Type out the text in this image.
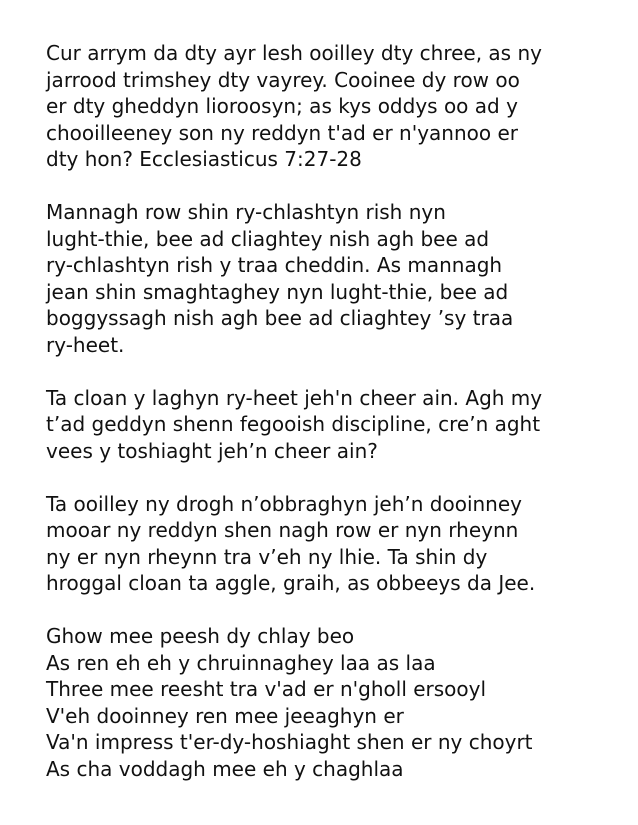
Cur arrym da dty ayr lesh ooilley dty chree, as ny
jarrood trimshey dty vayrey. Cooinee dy row oo
er dty gheddyn lioroosyn; as kys oddys oo ad y
chooilleeney son ny reddyn t'ad er n'yannoo er
dty hon? Ecclesiasticus 7:27-28

Mannagh row shin ry-chlashtyn rish nyn
lught-thie, bee ad cliaghtey nish agh bee ad
ry-chlashtyn rish y traa cheddin. As mannagh
jean shin smaghtaghey nyn lught-thie, bee ad
boggyssagh nish agh bee ad cliaghtey ’sy traa
ry-heet.

Ta cloan y laghyn ry-heet jeh'n cheer ain. Agh my
t’ad geddyn shenn fegooish discipline, cre’n aght
vees y toshiaght jeh’n cheer ain?

Ta ooilley ny drogh n’obbraghyn jeh’n dooinney
mooar ny reddyn shen nagh row er nyn rheynn
ny er nyn rheynn tra v’eh ny lhie. Ta shin dy
hroggal cloan ta aggle, graih, as obbeeys da Jee.

Ghow mee peesh dy chlay beo
As ren eh eh y chruinnaghey laa as laa
Three mee reesht tra v'ad er n'gholl ersooyl
V'eh dooinney ren mee jeeaghyn er
Va'n impress t'er-dy-hoshiaght shen er ny choyrt
As cha voddagh mee eh y chaghlaa
